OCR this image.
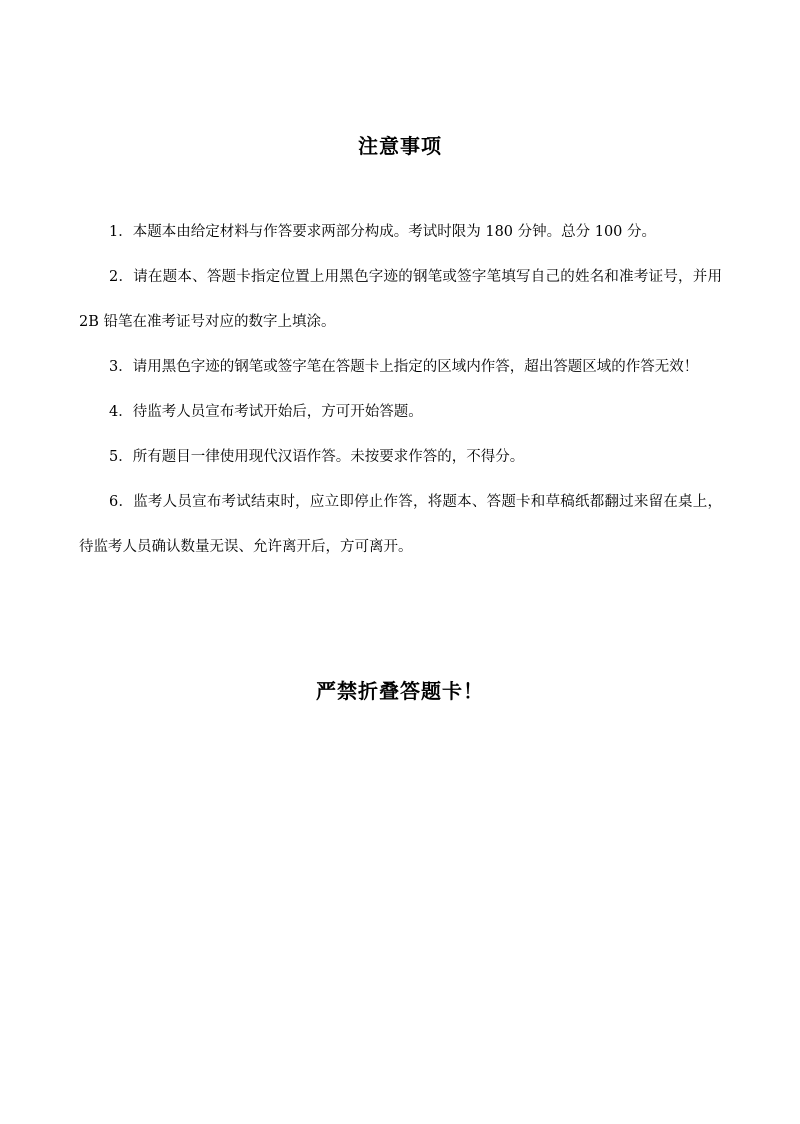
注意事项

1．本题本由给定材料与作答要求两部分构成。考试时限为 180 分钟。总分 100 分。

2．请在题本、答题卡指定位置上用黑色字迹的钢笔或签字笔填写自己的姓名和准考证号，并用 2B 铅笔在准考证号对应的数字上填涂。

3．请用黑色字迹的钢笔或签字笔在答题卡上指定的区域内作答，超出答题区域的作答无效！

4．待监考人员宣布考试开始后，方可开始答题。

5．所有题目一律使用现代汉语作答。未按要求作答的，不得分。

6．监考人员宣布考试结束时，应立即停止作答，将题本、答题卡和草稿纸都翻过来留在桌上，待监考人员确认数量无误、允许离开后，方可离开。

严禁折叠答题卡！
